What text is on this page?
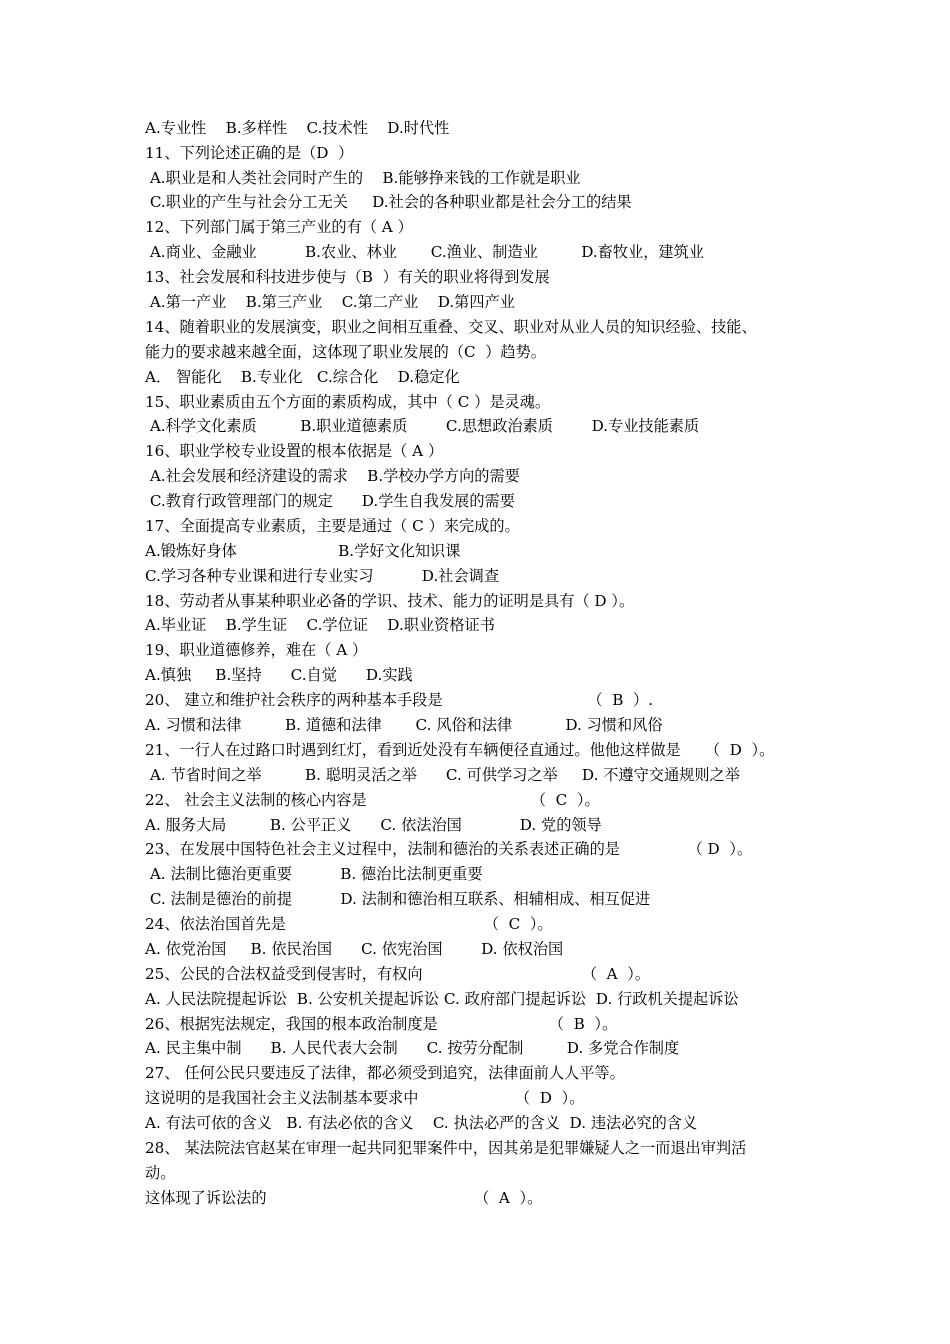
A.专业性    B.多样性    C.技术性    D.时代性
11、下列论述正确的是（D  ）
A.职业是和人类社会同时产生的    B.能够挣来钱的工作就是职业
C.职业的产生与社会分工无关     D.社会的各种职业都是社会分工的结果
12、下列部门属于第三产业的有（ A ）
A.商业、金融业          B.农业、林业       C.渔业、制造业         D.畜牧业，建筑业
13、社会发展和科技进步使与（B  ）有关的职业将得到发展
A.第一产业    B.第三产业    C.第二产业    D.第四产业
14、随着职业的发展演变，职业之间相互重叠、交叉、职业对从业人员的知识经验、技能、
能力的要求越来越全面，这体现了职业发展的（C  ）趋势。
A． 智能化    B.专业化   C.综合化    D.稳定化
15、职业素质由五个方面的素质构成，其中（ C ）是灵魂。
A.科学文化素质         B.职业道德素质        C.思想政治素质        D.专业技能素质
16、职业学校专业设置的根本依据是（ A ）
A.社会发展和经济建设的需求    B.学校办学方向的需要
C.教育行政管理部门的规定      D.学生自我发展的需要
17、全面提高专业素质，主要是通过（ C ）来完成的。
A.锻炼好身体                     B.学好文化知识课
C.学习各种专业课和进行专业实习          D.社会调查
18、劳动者从事某种职业必备的学识、技术、能力的证明是具有（ D ）。
A.毕业证    B.学生证    C.学位证    D.职业资格证书
19、职业道德修养，难在（ A ）
A.慎独     B.坚持      C.自觉      D.实践
20、 建立和维护社会秩序的两种基本手段是                              （  B  ）.
A. 习惯和法律         B. 道德和法律       C. 风俗和法律           D. 习惯和风俗
21、一行人在过路口时遇到红灯，看到近处没有车辆便径直通过。他他这样做是     （  D  ）。
A. 节省时间之举         B. 聪明灵活之举      C. 可供学习之举     D. 不遵守交通规则之举
22、 社会主义法制的核心内容是                                  （  C  ）。
A. 服务大局         B. 公平正义      C. 依法治国            D. 党的领导
23、在发展中国特色社会主义过程中，法制和德治的关系表述正确的是              （ D  ）。
A. 法制比德治更重要          B. 德治比法制更重要
C. 法制是德治的前提          D. 法制和德治相互联系、相辅相成、相互促进
24、依法治国首先是                                         （  C  ）。
A. 依党治国     B. 依民治国      C. 依宪治国        D. 依权治国
25、公民的合法权益受到侵害时，有权向                                 （  A  ）。
A. 人民法院提起诉讼  B. 公安机关提起诉讼 C. 政府部门提起诉讼  D. 行政机关提起诉讼
26、根据宪法规定，我国的根本政治制度是                       （  B  ）。
A. 民主集中制      B. 人民代表大会制      C. 按劳分配制         D. 多党合作制度
27、 任何公民只要违反了法律，都必须受到追究，法律面前人人平等。
这说明的是我国社会主义法制基本要求中                    （  D  ）。
A. 有法可依的含义   B. 有法必依的含义    C. 执法必严的含义  D. 违法必究的含义
28、 某法院法官赵某在审理一起共同犯罪案件中，因其弟是犯罪嫌疑人之一而退出审判活
动。
这体现了诉讼法的                                           （  A  ）。
